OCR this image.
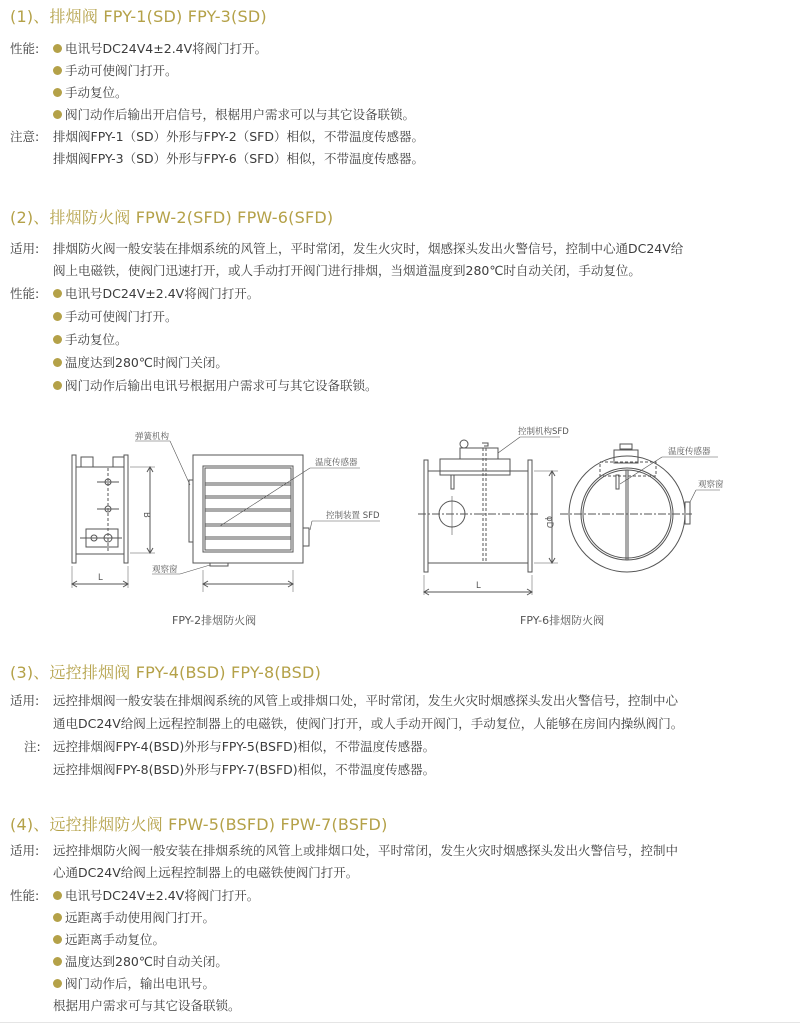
(1)、排烟阀 FPY-1(SD) FPY-3(SD)
性能:	电讯号DC24V4±2.4V将阀门打开。
手动可使阀门打开。
手动复位。
阀门动作后输出开启信号，根椐用户需求可以与其它设备联锁。
注意: 排烟阀FPY-1（SD）外形与FPY-2（SFD）相似，不带温度传感器。
排烟阀FPY-3（SD）外形与FPY-6（SFD）相似，不带温度传感器。
(2)、排烟防火阀 FPW-2(SFD) FPW-6(SFD)
适用: 排烟防火阀一般安装在排烟系统的风管上，平时常闭，发生火灾时，烟感探头发出火警信号，控制中心通DC24V给
阀上电磁铁，使阀门迅速打开，或人手动打开阀门进行排烟，当烟道温度到280℃时自动关闭，手动复位。
性能:	电讯号DC24V±2.4V将阀门打开。
手动可使阀门打开。
手动复位。
温度达到280℃时阀门关闭。
阀门动作后输出电讯号根据用户需求可与其它设备联锁。
B
L
弹簧机构
温度传感器
控制装置 SFD
观察窗
FPY-2排烟防火阀
φD
L
控制机构SFD
温度传感器
观察窗
FPY-6排烟防火阀
(3)、远控排烟阀 FPY-4(BSD) FPY-8(BSD)
适用: 远控排烟阀一般安装在排烟阀系统的风管上或排烟口处，平时常闭，发生火灾时烟感探头发出火警信号，控制中心
通电DC24V给阀上远程控制器上的电磁铁，使阀门打开，或人手动开阀门，手动复位，人能够在房间内操纵阀门。
注: 远控排烟阀FPY-4(BSD)外形与FPY-5(BSFD)相似，不带温度传感器。
远控排烟阀FPY-8(BSD)外形与FPY-7(BSFD)相似，不带温度传感器。
(4)、远控排烟防火阀 FPW-5(BSFD) FPW-7(BSFD)
适用: 远控排烟防火阀一般安装在排烟系统的风管上或排烟口处，平时常闭，发生火灾时烟感探头发出火警信号，控制中
心通DC24V给阀上远程控制器上的电磁铁使阀门打开。
性能:	电讯号DC24V±2.4V将阀门打开。
远距离手动使用阀门打开。
远距离手动复位。
温度达到280℃时自动关闭。
阀门动作后，输出电讯号。
根据用户需求可与其它设备联锁。
